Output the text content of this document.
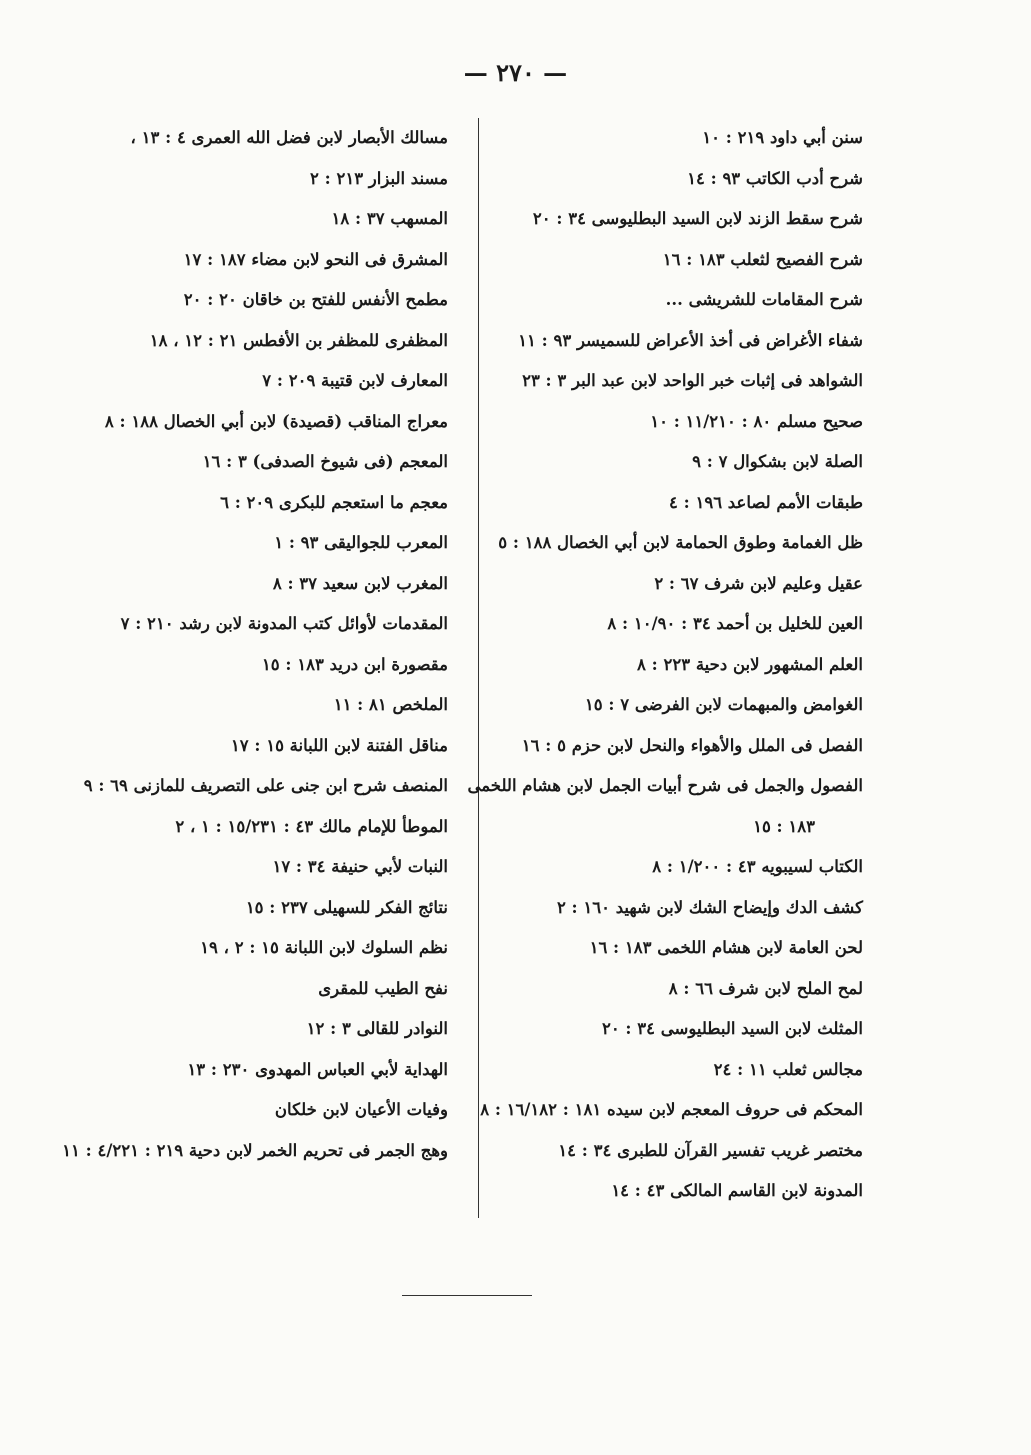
— ٢٧٠ —
سنن أبي داود ٢١٩ : ١٠
شرح أدب الكاتب ٩٣ : ١٤
شرح سقط الزند لابن السيد البطليوسى ٣٤ : ٢٠
شرح الفصيح لثعلب ١٨٣ : ١٦
شرح المقامات للشريشى ...
شفاء الأغراض فى أخذ الأعراض للسميسر ٩٣ : ١١
الشواهد فى إثبات خبر الواحد لابن عبد البر ٣ : ٢٣
صحيح مسلم ٨٠ : ١١/٢١٠ : ١٠
الصلة لابن بشكوال ٧ : ٩
طبقات الأمم لصاعد ١٩٦ : ٤
ظل الغمامة وطوق الحمامة لابن أبي الخصال ١٨٨ : ٥
عقيل وعليم لابن شرف ٦٧ : ٢
العين للخليل بن أحمد ٣٤ : ١٠/٩٠ : ٨
العلم المشهور لابن دحية ٢٢٣ : ٨
الغوامض والمبهمات لابن الفرضى ٧ : ١٥
الفصل فى الملل والأهواء والنحل لابن حزم ٥ : ١٦
الفصول والجمل فى شرح أبيات الجمل لابن هشام اللخمى
١٨٣ : ١٥
الكتاب لسيبويه ٤٣ : ١/٢٠٠ : ٨
كشف الدك وإيضاح الشك لابن شهيد ١٦٠ : ٢
لحن العامة لابن هشام اللخمى ١٨٣ : ١٦
لمح الملح لابن شرف ٦٦ : ٨
المثلث لابن السيد البطليوسى ٣٤ : ٢٠
مجالس ثعلب ١١ : ٢٤
المحكم فى حروف المعجم لابن سيده ١٨١ : ١٦/١٨٢ : ٨
مختصر غريب تفسير القرآن للطبرى ٣٤ : ١٤
المدونة لابن القاسم المالكى ٤٣ : ١٤
مسالك الأبصار لابن فضل الله العمرى ٤ : ١٣ ،
مسند البزار ٢١٣ : ٢
المسهب ٣٧ : ١٨
المشرق فى النحو لابن مضاء ١٨٧ : ١٧
مطمح الأنفس للفتح بن خاقان ٢٠ : ٢٠
المظفرى للمظفر بن الأفطس ٢١ : ١٢ ، ١٨
المعارف لابن قتيبة ٢٠٩ : ٧
معراج المناقب (قصيدة) لابن أبي الخصال ١٨٨ : ٨
المعجم (فى شيوخ الصدفى) ٣ : ١٦
معجم ما استعجم للبكرى ٢٠٩ : ٦
المعرب للجواليقى ٩٣ : ١
المغرب لابن سعيد ٣٧ : ٨
المقدمات لأوائل كتب المدونة لابن رشد ٢١٠ : ٧
مقصورة ابن دريد ١٨٣ : ١٥
الملخص ٨١ : ١١
مناقل الفتنة لابن اللبانة ١٥ : ١٧
المنصف شرح ابن جنى على التصريف للمازنى ٦٩ : ٩
الموطأ للإمام مالك ٤٣ : ١٥/٢٣١ : ١ ، ٢
النبات لأبي حنيفة ٣٤ : ١٧
نتائج الفكر للسهيلى ٢٣٧ : ١٥
نظم السلوك لابن اللبانة ١٥ : ٢ ، ١٩
نفح الطيب للمقرى
النوادر للقالى ٣ : ١٢
الهداية لأبي العباس المهدوى ٢٣٠ : ١٣
وفيات الأعيان لابن خلكان
وهج الجمر فى تحريم الخمر لابن دحية ٢١٩ : ٤/٢٢١ : ١١
